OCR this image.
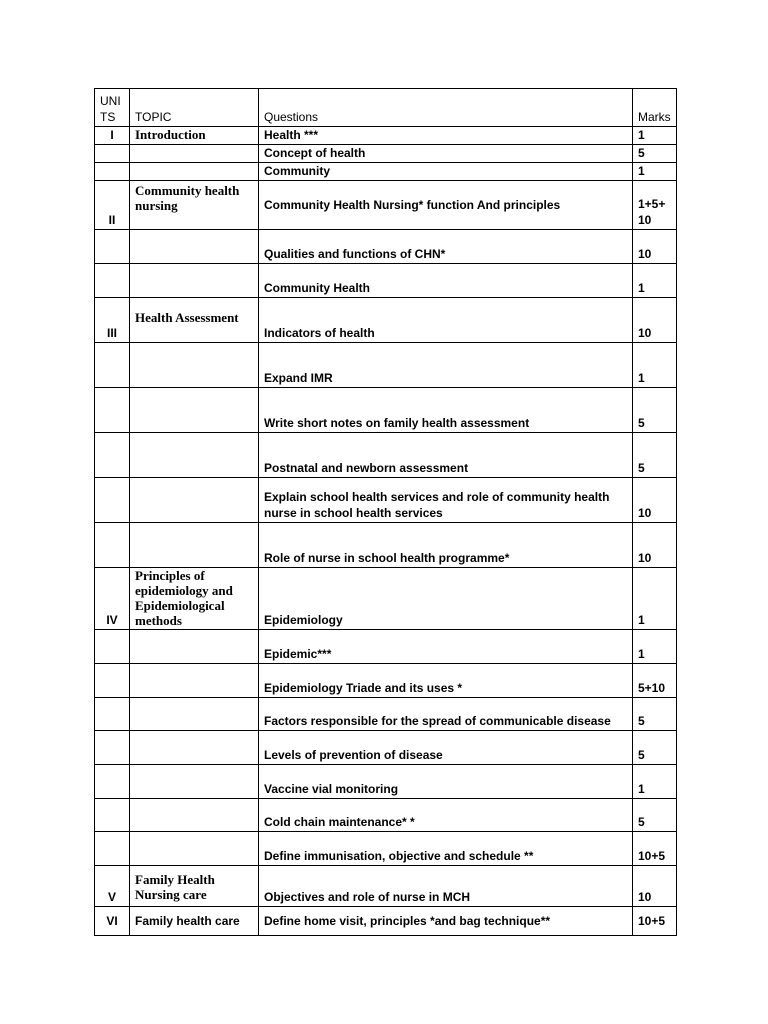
UNITS	TOPIC	Questions	Marks
I	Introduction	Health ***	1
		Concept of health	5
		Community	1
II	Community health nursing	Community Health Nursing* function And principles	1+5+10
		Qualities and functions of CHN*	10
		Community Health	1
III	Health Assessment	Indicators of health	10
		Expand IMR	1
		Write short notes on family health assessment	5
		Postnatal and newborn assessment	5
		Explain school health services and role of community health nurse in school health services	10
		Role of nurse in school health programme*	10
IV	Principles of epidemiology and Epidemiological methods	Epidemiology	1
		Epidemic***	1
		Epidemiology Triade and its uses *	5+10
		Factors responsible for the spread of communicable disease	5
		Levels of prevention of disease	5
		Vaccine vial monitoring	1
		Cold chain maintenance* *	5
		Define immunisation, objective and schedule **	10+5
V	Family Health Nursing care	Objectives and role of nurse in MCH	10
VI	Family health care	Define home visit, principles *and bag technique**	10+5
